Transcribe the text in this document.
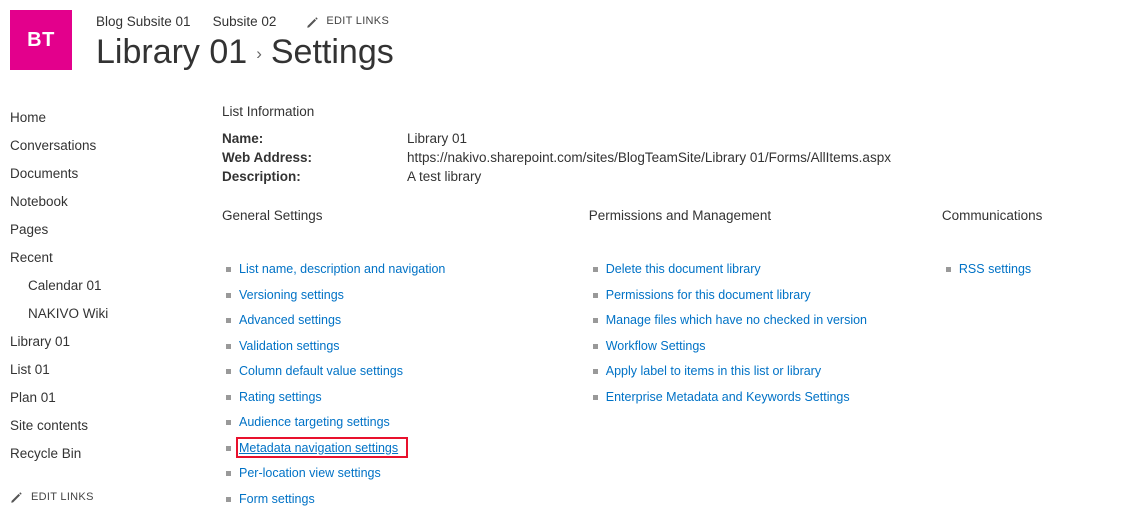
BT
Blog Subsite 01 Subsite 02	EDIT LINKS
Library 01 › Settings
Home
Conversations
Documents
Notebook
Pages
Recent
Calendar 01
NAKIVO Wiki
Library 01
List 01
Plan 01
Site contents
Recycle Bin
EDIT LINKS
List Information
Name:	Library 01
Web Address:	https://nakivo.sharepoint.com/sites/BlogTeamSite/Library 01/Forms/AllItems.aspx
Description:	A test library
General Settings
List name, description and navigation
Versioning settings
Advanced settings
Validation settings
Column default value settings
Rating settings
Audience targeting settings
Metadata navigation settings
Per-location view settings
Form settings
Permissions and Management
Delete this document library
Permissions for this document library
Manage files which have no checked in version
Workflow Settings
Apply label to items in this list or library
Enterprise Metadata and Keywords Settings
Communications
RSS settings
